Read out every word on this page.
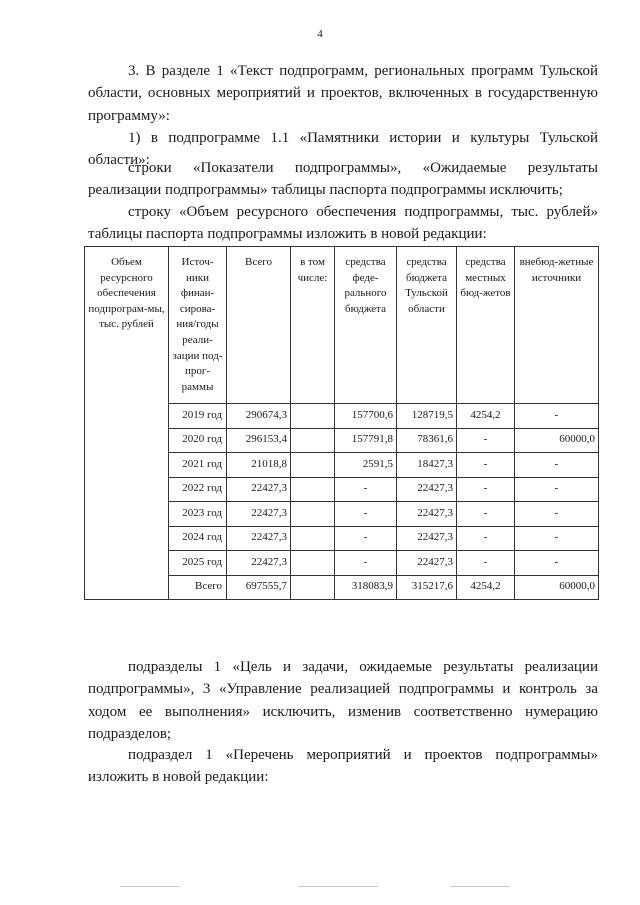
4
3. В разделе 1 «Текст подпрограмм, региональных программ Тульской
области, основных мероприятий и проектов, включенных в государственную
программу»:
1) в подпрограмме 1.1 «Памятники истории и культуры Тульской
области»:
строки «Показатели подпрограммы», «Ожидаемые результаты
реализации подпрограммы» таблицы паспорта подпрограммы исключить;
строку «Объем ресурсного обеспечения подпрограммы, тыс. рублей»
таблицы паспорта подпрограммы изложить в новой редакции:
Объем ресурсного обеспечения подпрограм-мы, тыс. рублей	Источ-ники финан-сирова-ния/годы реали-зации под-прог-раммы	Всего	в том числе:	средства феде-рального бюджета	средства бюджета Тульской области	средства местных бюд-жетов	внебюд-жетные источники
	2019 год	290674,3		157700,6	128719,5	4254,2	-
	2020 год	296153,4		157791,8	78361,6	-	60000,0
	2021 год	21018,8		2591,5	18427,3	-	-
	2022 год	22427,3		-	22427,3	-	-
	2023 год	22427,3		-	22427,3	-	-
	2024 год	22427,3		-	22427,3	-	-
	2025 год	22427,3		-	22427,3	-	-
	Всего	697555,7		318083,9	315217,6	4254,2	60000,0
подразделы 1 «Цель и задачи, ожидаемые результаты реализации
подпрограммы», 3 «Управление реализацией подпрограммы и контроль за
ходом ее выполнения» исключить, изменив соответственно нумерацию
подразделов;
подраздел 1 «Перечень мероприятий и проектов подпрограммы»
изложить в новой редакции:
